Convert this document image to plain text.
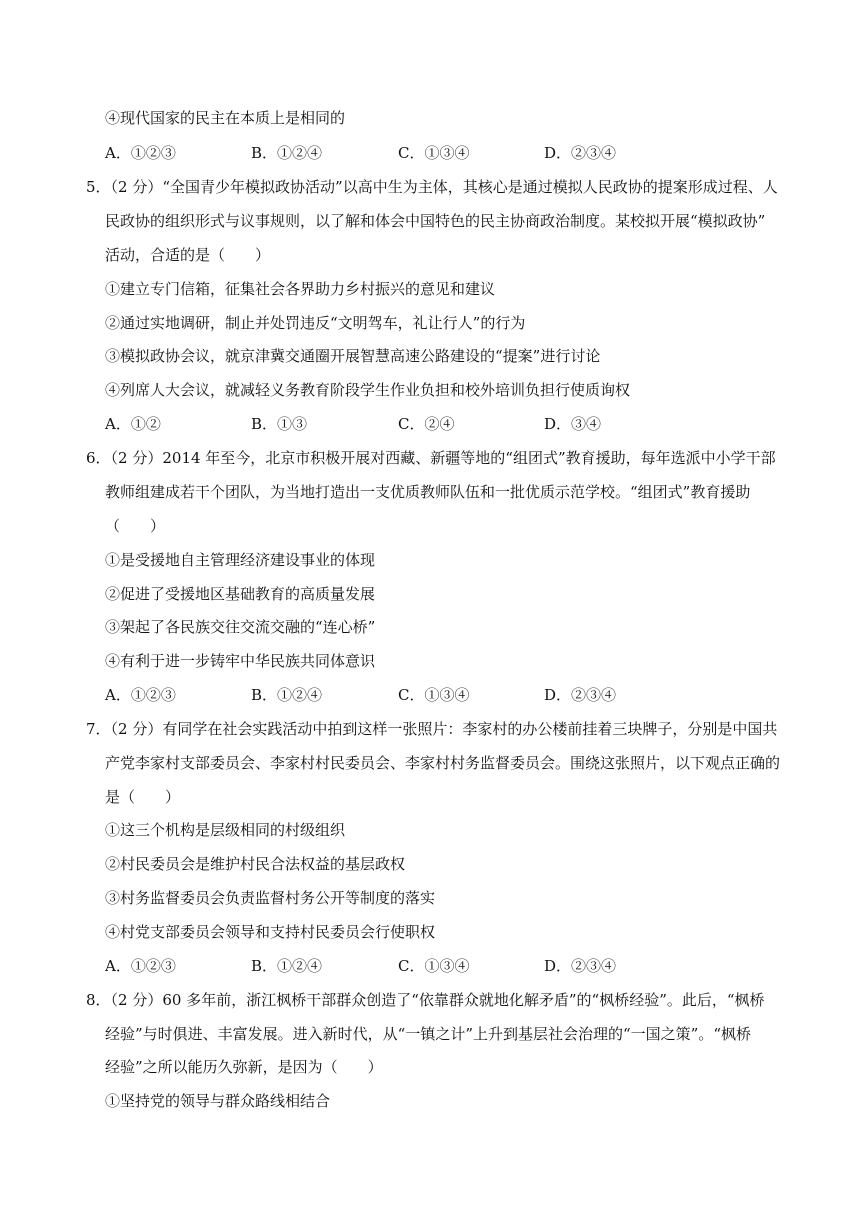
④现代国家的民主在本质上是相同的
A．①②③	B．①②④	C．①③④	D．②③④
5．（2 分）“全国青少年模拟政协活动”以高中生为主体，其核心是通过模拟人民政协的提案形成过程、人
民政协的组织形式与议事规则，以了解和体会中国特色的民主协商政治制度。某校拟开展“模拟政协”
活动，合适的是（　　）
①建立专门信箱，征集社会各界助力乡村振兴的意见和建议
②通过实地调研，制止并处罚违反“文明驾车，礼让行人”的行为
③模拟政协会议，就京津冀交通圈开展智慧高速公路建设的“提案”进行讨论
④列席人大会议，就减轻义务教育阶段学生作业负担和校外培训负担行使质询权
A．①②	B．①③	C．②④	D．③④
6．（2 分）2014 年至今，北京市积极开展对西藏、新疆等地的“组团式”教育援助，每年选派中小学干部
教师组建成若干个团队，为当地打造出一支优质教师队伍和一批优质示范学校。“组团式”教育援助
（　　）
①是受援地自主管理经济建设事业的体现
②促进了受援地区基础教育的高质量发展
③架起了各民族交往交流交融的“连心桥”
④有利于进一步铸牢中华民族共同体意识
A．①②③	B．①②④	C．①③④	D．②③④
7．（2 分）有同学在社会实践活动中拍到这样一张照片：李家村的办公楼前挂着三块牌子，分别是中国共
产党李家村支部委员会、李家村村民委员会、李家村村务监督委员会。围绕这张照片，以下观点正确的
是（　　）
①这三个机构是层级相同的村级组织
②村民委员会是维护村民合法权益的基层政权
③村务监督委员会负责监督村务公开等制度的落实
④村党支部委员会领导和支持村民委员会行使职权
A．①②③	B．①②④	C．①③④	D．②③④
8．（2 分）60 多年前，浙江枫桥干部群众创造了“依靠群众就地化解矛盾”的“枫桥经验”。此后，“枫桥
经验”与时俱进、丰富发展。进入新时代，从“一镇之计”上升到基层社会治理的“一国之策”。“枫桥
经验”之所以能历久弥新，是因为（　　）
①坚持党的领导与群众路线相结合
